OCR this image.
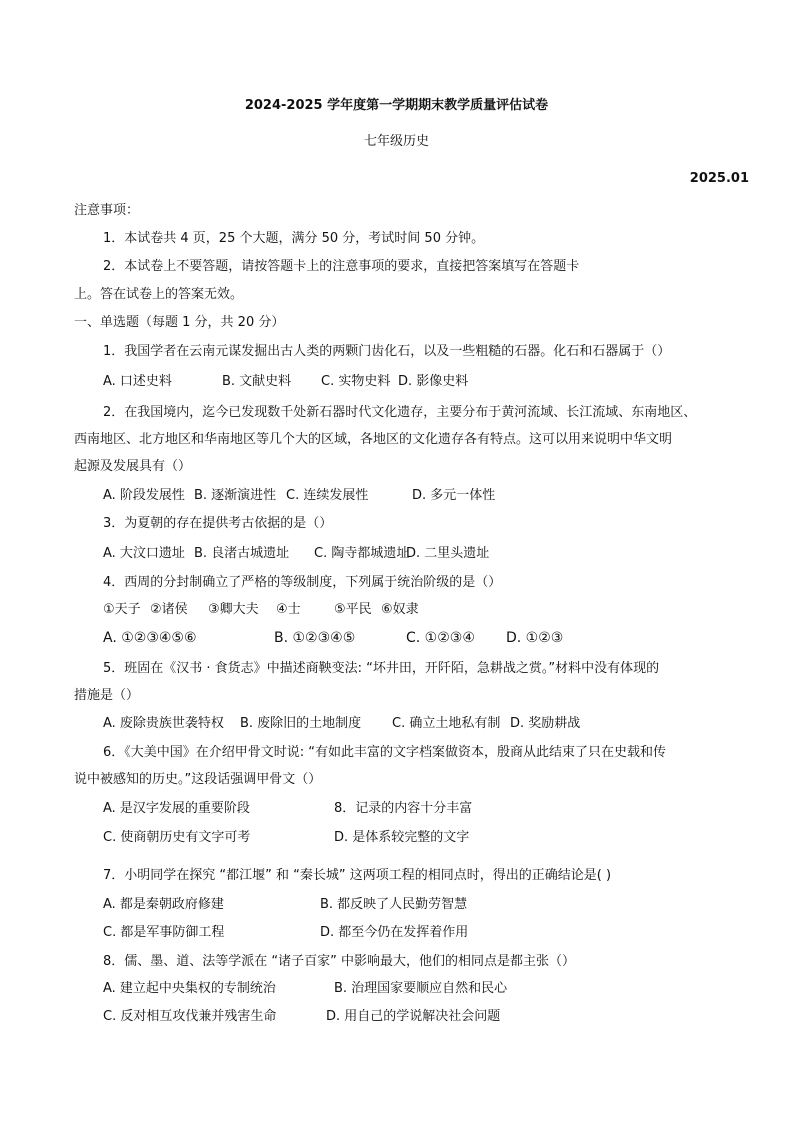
2024-2025 学年度第一学期期末教学质量评估试卷
七年级历史
2025.01
注意事项：
1．本试卷共 4 页，25 个大题，满分 50 分，考试时间 50 分钟。
2．本试卷上不要答题，请按答题卡上的注意事项的要求，直接把答案填写在答题卡
上。答在试卷上的答案无效。
一、单选题（每题 1 分，共 20 分）
1．我国学者在云南元谋发掘出古人类的两颗门齿化石，以及一些粗糙的石器。化石和石器属于（）
A. 口述史料	B. 文献史料 C. 实物史料 D. 影像史料
2．在我国境内，迄今已发现数千处新石器时代文化遗存，主要分布于黄河流域、长江流域、东南地区、
西南地区、北方地区和华南地区等几个大的区域，各地区的文化遗存各有特点。这可以用来说明中华文明
起源及发展具有（）
A. 阶段发展性 B. 逐渐演进性 C. 连续发展性	D. 多元一体性
3．为夏朝的存在提供考古依据的是（）
A. 大汶口遗址 B. 良渚古城遗址 C. 陶寺都城遗址
D. 二里头遗址
4．西周的分封制确立了严格的等级制度，下列属于统治阶级的是（）
①天子 ②诸侯 ③卿大夫 ④士	⑤平民 ⑥奴隶
A. ①②③④⑤⑥	B. ①②③④⑤	C. ①②③④ D. ①②③
5．班固在《汉书 · 食货志》中描述商鞅变法: “坏井田，开阡陌，急耕战之赏。”材料中没有体现的
措施是（）
A. 废除贵族世袭特权 B. 废除旧的土地制度 C. 确立土地私有制 D. 奖励耕战
6．《大美中国》在介绍甲骨文时说: “有如此丰富的文字档案做资本，殷商从此结束了只在史载和传
说中被感知的历史。”这段话强调甲骨文（）
A. 是汉字发展的重要阶段	8．记录的内容十分丰富
C. 使商朝历史有文字可考	D. 是体系较完整的文字
7．小明同学在探究 “都江堰” 和 “秦长城” 这两项工程的相同点时，得出的正确结论是( )
A. 都是秦朝政府修建	B. 都反映了人民勤劳智慧
C. 都是军事防御工程	D. 都至今仍在发挥着作用
8．儒、墨、道、法等学派在 “诸子百家” 中影响最大，他们的相同点是都主张（）
A. 建立起中央集权的专制统治	B. 治理国家要顺应自然和民心
C. 反对相互攻伐兼并残害生命	D. 用自己的学说解决社会问题
